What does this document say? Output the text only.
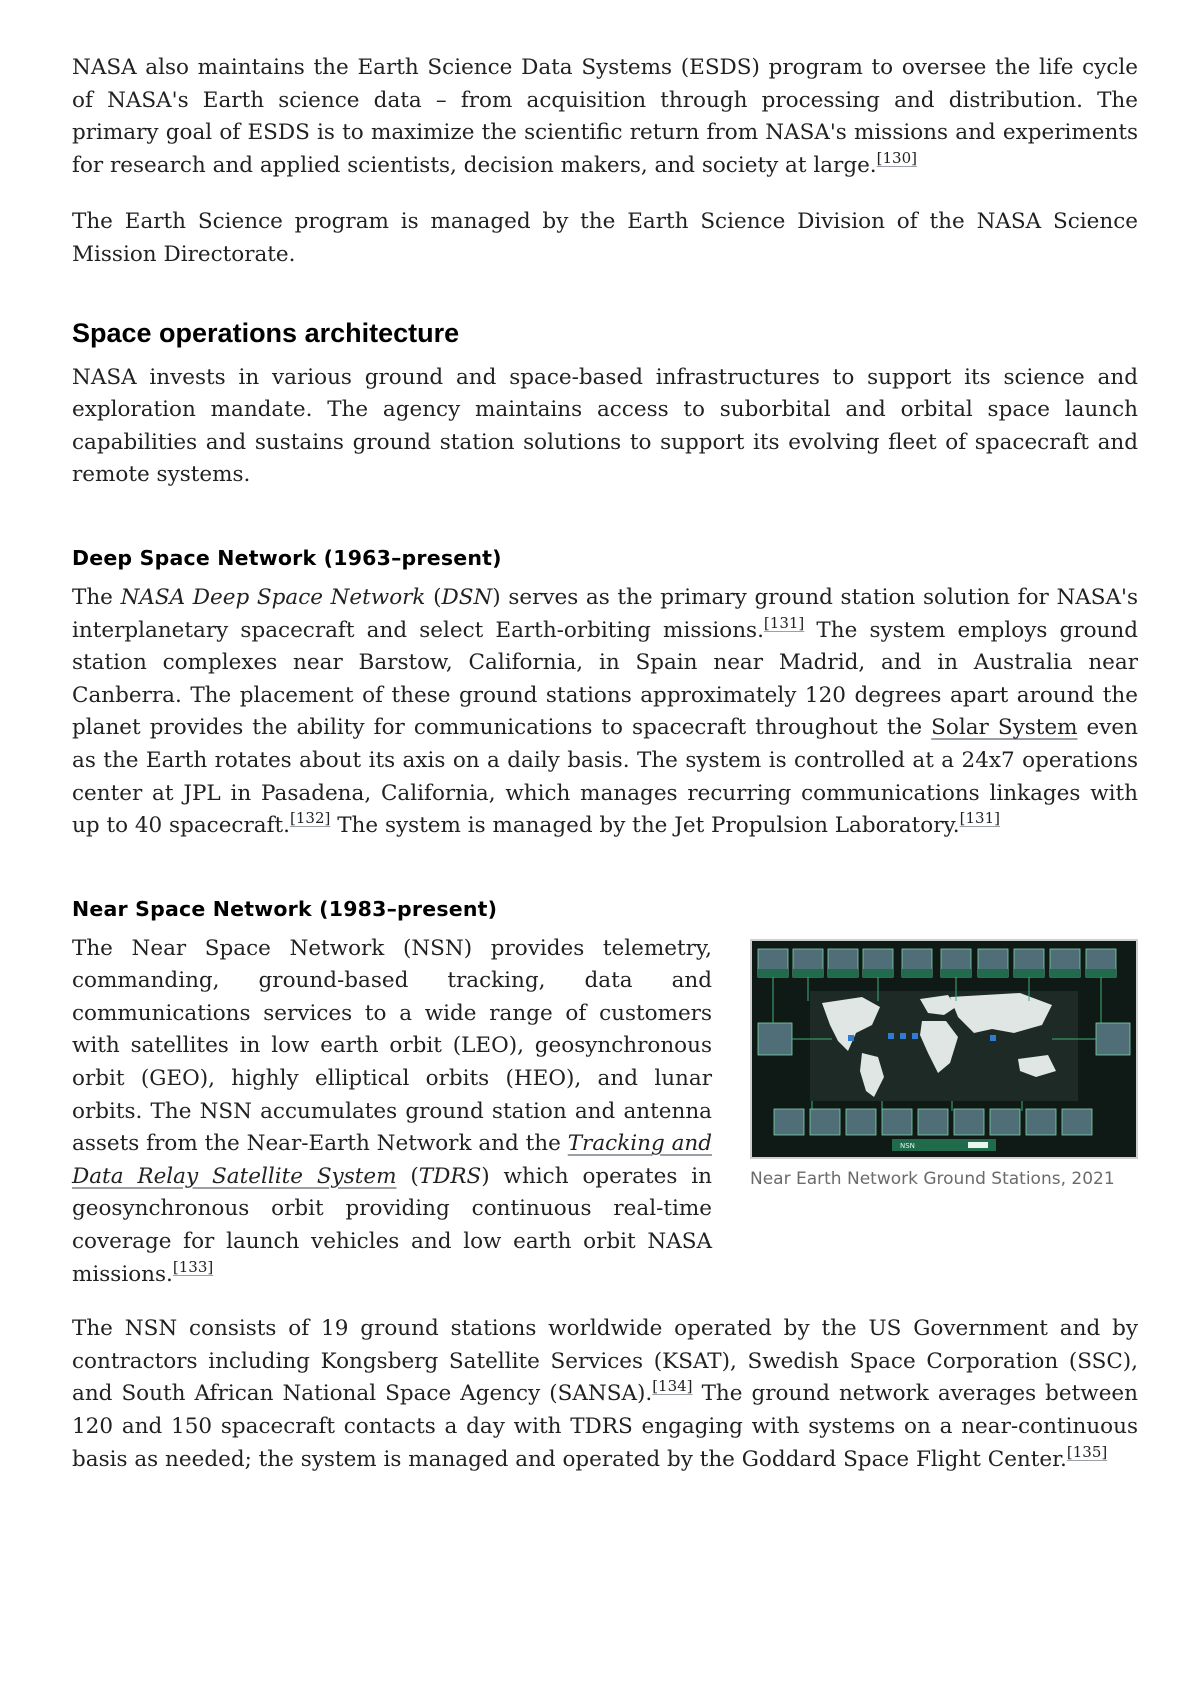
NASA also maintains the Earth Science Data Systems (ESDS) program to oversee the life cycle of NASA's Earth science data – from acquisition through processing and distribution. The primary goal of ESDS is to maximize the scientific return from NASA's missions and experiments for research and applied scientists, decision makers, and society at large.[130]

The Earth Science program is managed by the Earth Science Division of the NASA Science Mission Directorate.

Space operations architecture

NASA invests in various ground and space-based infrastructures to support its science and exploration mandate. The agency maintains access to suborbital and orbital space launch capabilities and sustains ground station solutions to support its evolving fleet of spacecraft and remote systems.

Deep Space Network (1963–present)

The NASA Deep Space Network (DSN) serves as the primary ground station solution for NASA's interplanetary spacecraft and select Earth-orbiting missions.[131] The system employs ground station complexes near Barstow, California, in Spain near Madrid, and in Australia near Canberra. The placement of these ground stations approximately 120 degrees apart around the planet provides the ability for communications to spacecraft throughout the Solar System even as the Earth rotates about its axis on a daily basis. The system is controlled at a 24x7 operations center at JPL in Pasadena, California, which manages recurring communications linkages with up to 40 spacecraft.[132] The system is managed by the Jet Propulsion Laboratory.[131]

Near Space Network (1983–present)

The Near Space Network (NSN) provides telemetry, commanding, ground-based tracking, data and communications services to a wide range of customers with satellites in low earth orbit (LEO), geosynchronous orbit (GEO), highly elliptical orbits (HEO), and lunar orbits. The NSN accumulates ground station and antenna assets from the Near-Earth Network and the Tracking and Data Relay Satellite System (TDRS) which operates in geosynchronous orbit providing continuous real-time coverage for launch vehicles and low earth orbit NASA missions.[133]

NSN
Near Earth Network Ground Stations, 2021

The NSN consists of 19 ground stations worldwide operated by the US Government and by contractors including Kongsberg Satellite Services (KSAT), Swedish Space Corporation (SSC), and South African National Space Agency (SANSA).[134] The ground network averages between 120 and 150 spacecraft contacts a day with TDRS engaging with systems on a near-continuous basis as needed; the system is managed and operated by the Goddard Space Flight Center.[135]
